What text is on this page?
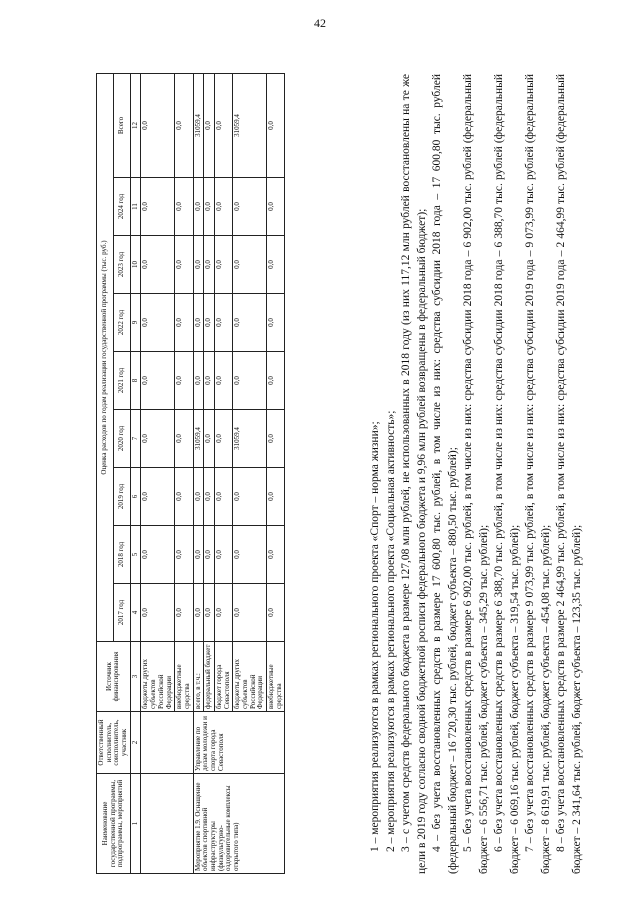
42
Наименование государственной программы, подпрограммы, мероприятий	Ответственный исполнитель, соисполнитель, участник	Источник финансирования	Оценка расходов по годам реализации государственной программы (тыс. руб.)								
			2017 год	2018 год	2019 год	2020 год	2021 год	2022 год	2023 год	2024 год	Всего
1	2	3	4	5	6	7	8	9	10	11	12
		бюджеты других субъектов Российской Федерации	0,0	0,0	0,0	0,0	0,0	0,0	0,0	0,0	0,0
		внебюджетные средства	0,0	0,0	0,0	0,0	0,0	0,0	0,0	0,0	0,0
Мероприятие 1.9. Оснащение объектов спортивной инфраструктуры (физкультурно-оздоровительные комплексы открытого типа)	Управление по делам молодежи и спорта города Севастополя	всего, в т.ч.:	0,0	0,0	0,0	31059,4	0,0	0,0	0,0	0,0	31059,4
		федеральный бюджет	0,0	0,0	0,0	0,0	0,0	0,0	0,0	0,0	0,0
		бюджет города Севастополя	0,0	0,0	0,0	0,0	0,0	0,0	0,0	0,0	0,0
		бюджеты других субъектов Российской Федерации	0,0	0,0	0,0	31059,4	0,0	0,0	0,0	0,0	31059,4
		внебюджетные средства	0,0	0,0	0,0	0,0	0,0	0,0	0,0	0,0	0,0

1 – мероприятия реализуются в рамках регионального проекта «Спорт – норма жизни»; 2 – мероприятия реализуются в рамках регионального проекта «Социальная активность»; 3 – с учетом средств федерального бюджета в размере 127,08 млн рублей, не использованных в 2018 году (из них 117,12 млн рублей восстановлены на те же цели в 2019 году согласно сводной бюджетной росписи федерального бюджета и 9,96 млн рублей возвращены в федеральный бюджет); 4 – без учета восстановленных средств в размере 17 600,80 тыс. рублей, в том числе из них: средства субсидии 2018 года – 17 600,80 тыс. рублей (федеральный бюджет – 16 720,30 тыс. рублей, бюджет субъекта – 880,50 тыс. рублей); 5 – без учета восстановленных средств в размере 6 902,00 тыс. рублей, в том числе из них: средства субсидии 2018 года – 6 902,00 тыс. рублей (федеральный бюджет – 6 556,71 тыс. рублей, бюджет субъекта – 345,29 тыс. рублей); 6 – без учета восстановленных средств в размере 6 388,70 тыс. рублей, в том числе из них: средства субсидии 2018 года – 6 388,70 тыс. рублей (федеральный бюджет – 6 069,16 тыс. рублей, бюджет субъекта – 319,54 тыс. рублей); 7 – без учета восстановленных средств в размере 9 073,99 тыс. рублей, в том числе из них: средства субсидии 2019 года – 9 073,99 тыс. рублей (федеральный бюджет – 8 619,91 тыс. рублей, бюджет субъекта – 454,08 тыс. рублей); 8 – без учета восстановленных средств в размере 2 464,99 тыс. рублей, в том числе из них: средства субсидии 2019 года – 2 464,99 тыс. рублей (федеральный бюджет – 2 341,64 тыс. рублей, бюджет субъекта – 123,35 тыс. рублей);
